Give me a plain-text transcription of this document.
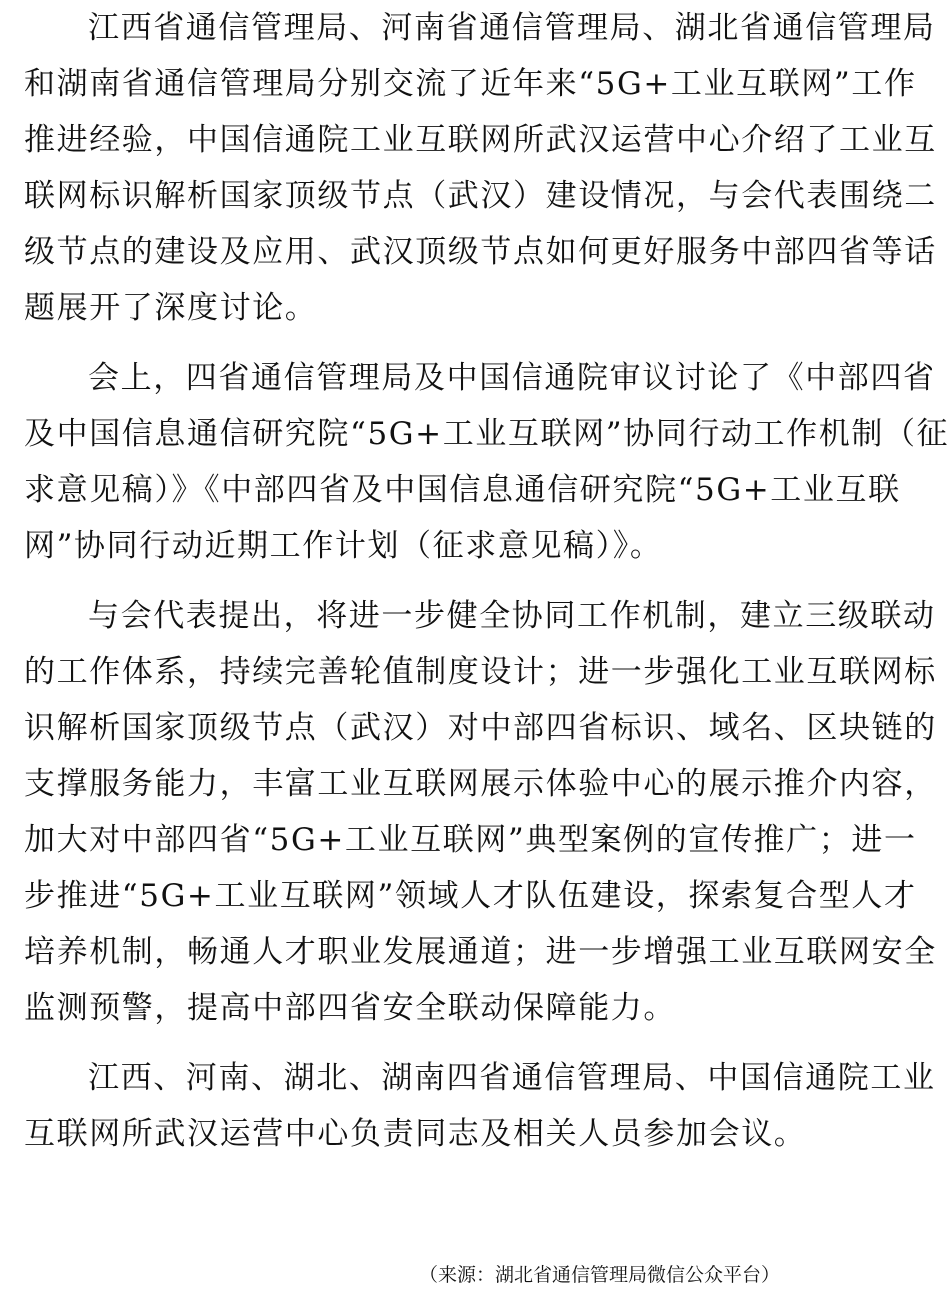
江西省通信管理局、河南省通信管理局、湖北省通信管理局
和湖南省通信管理局分别交流了近年来“5G+工业互联网”工作
推进经验，中国信通院工业互联网所武汉运营中心介绍了工业互
联网标识解析国家顶级节点（武汉）建设情况，与会代表围绕二
级节点的建设及应用、武汉顶级节点如何更好服务中部四省等话
题展开了深度讨论。
会上，四省通信管理局及中国信通院审议讨论了《中部四省
及中国信息通信研究院“5G+工业互联网”协同行动工作机制（征
求意见稿）》《中部四省及中国信息通信研究院“5G+工业互联
网”协同行动近期工作计划（征求意见稿）》。
与会代表提出，将进一步健全协同工作机制，建立三级联动
的工作体系，持续完善轮值制度设计；进一步强化工业互联网标
识解析国家顶级节点（武汉）对中部四省标识、域名、区块链的
支撑服务能力，丰富工业互联网展示体验中心的展示推介内容，
加大对中部四省“5G+工业互联网”典型案例的宣传推广；进一
步推进“5G+工业互联网”领域人才队伍建设，探索复合型人才
培养机制，畅通人才职业发展通道；进一步增强工业互联网安全
监测预警，提高中部四省安全联动保障能力。
江西、河南、湖北、湖南四省通信管理局、中国信通院工业
互联网所武汉运营中心负责同志及相关人员参加会议。
（来源：湖北省通信管理局微信公众平台）
